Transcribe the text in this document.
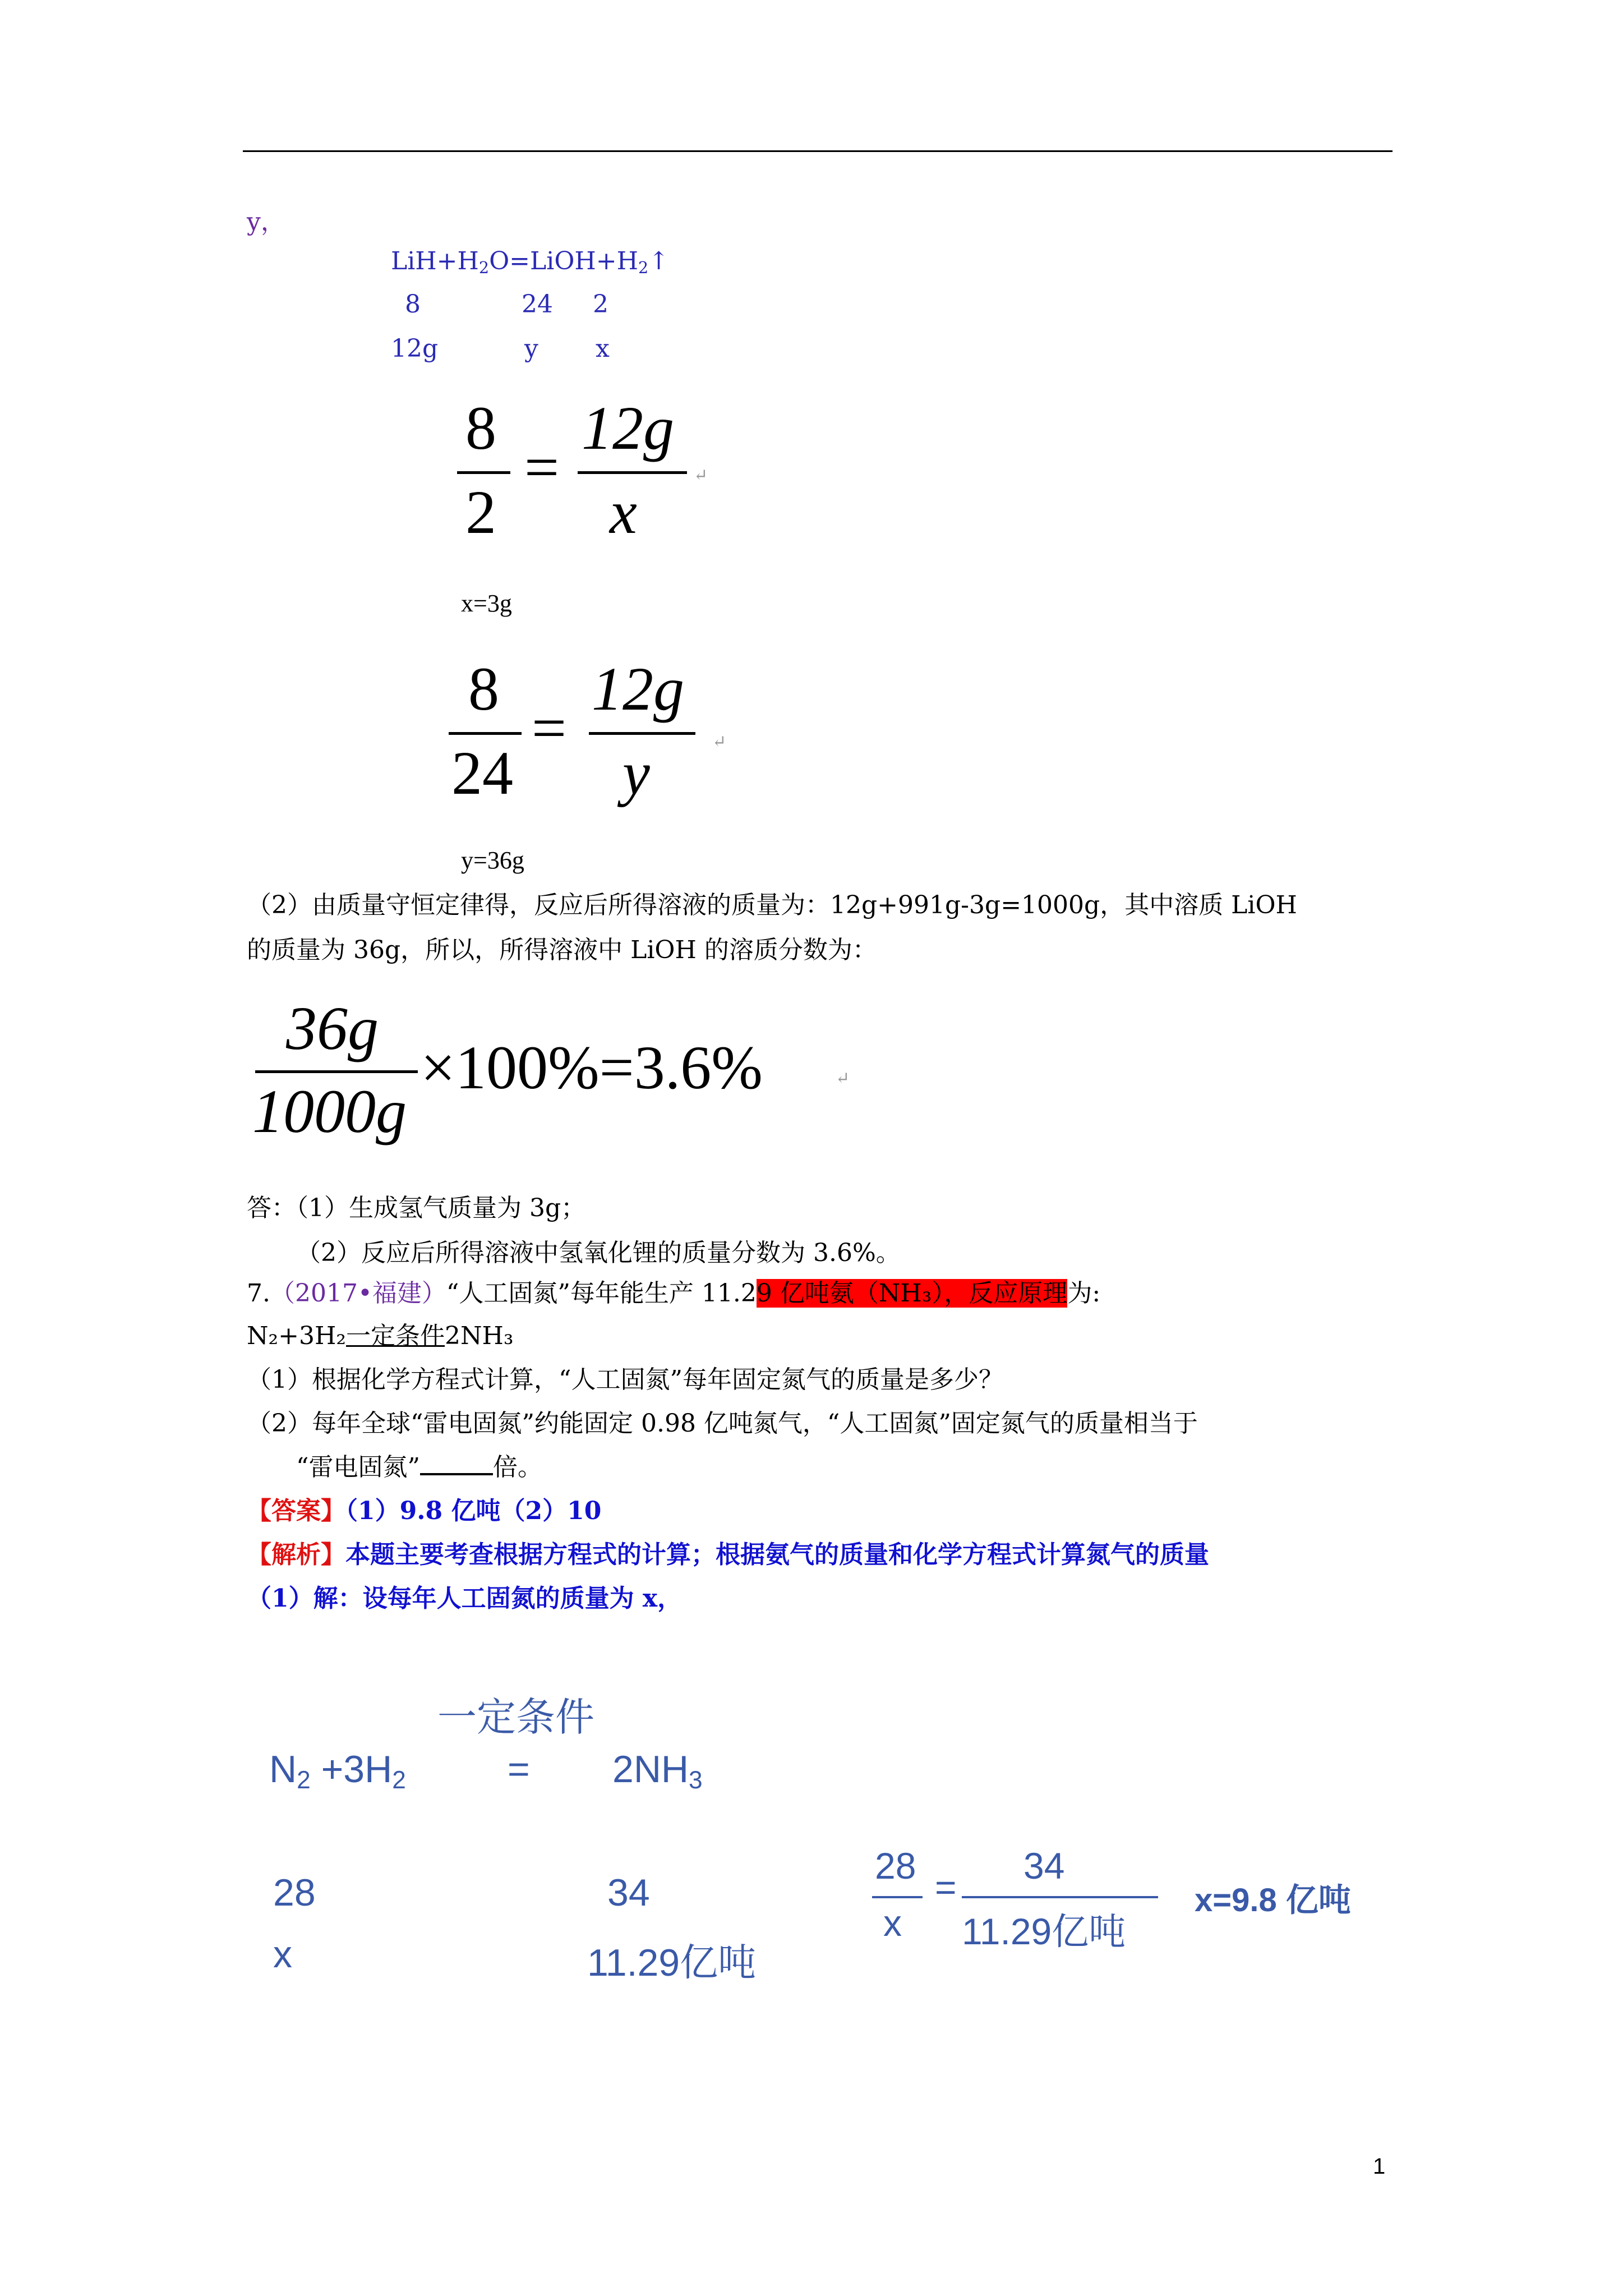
y，
$LiH+H_2O=LiOH+H_2↑$
8	24 2
12g	y x
8
2
=
12g
x
↵
x=3g
8
24
=
12g
y	↵
y=36g
（2）由质量守恒定律得，反应后所得溶液的质量为：12g+991g-3g=1000g，其中溶质 LiOH
的质量为 36g，所以，所得溶液中 LiOH 的溶质分数为：
36g
1000g
×100%=3.6%	↵
答：（1）生成氢气质量为 3g；
（2）反应后所得溶液中氢氧化锂的质量分数为 3.6%。
7.（2017•福建）“人工固氮”每年能生产 11.29 亿吨氨（NH₃），反应原理为:
N₂+3H₂一定条件2NH₃
（1）根据化学方程式计算，“人工固氮”每年固定氮气的质量是多少？
（2）每年全球“雷电固氮”约能固定 0.98 亿吨氮气，“人工固氮”固定氮气的质量相当于
“雷电固氮”	倍。
【答案】（1）9.8 亿吨（2）10
【解析】本题主要考查根据方程式的计算；根据氨气的质量和化学方程式计算氮气的质量
（1）解：设每年人工固氮的质量为 x，
一定条件
$N_2 +3H_2$	= $2NH_3$
28	34
x	11.29亿吨
28
x
=
34
11.29亿吨
x=9.8 亿吨
1
